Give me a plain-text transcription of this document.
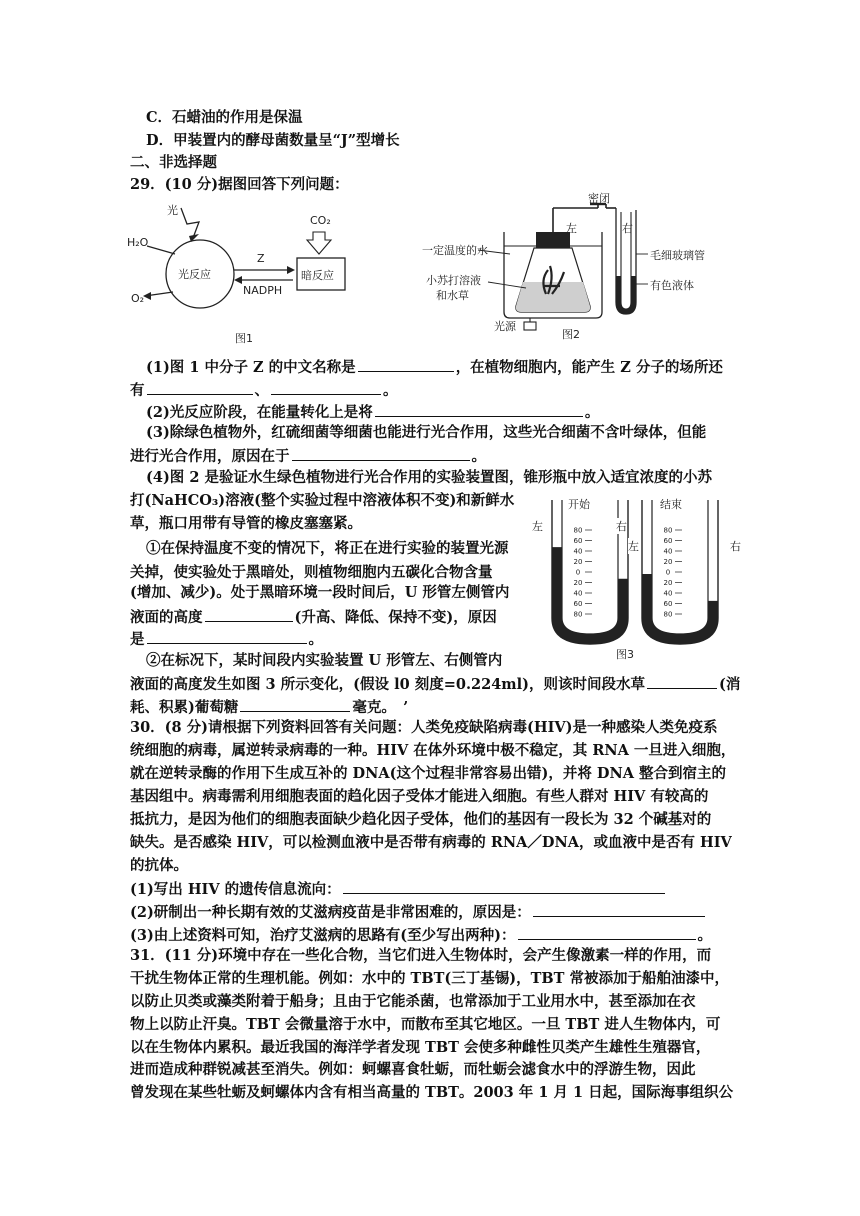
C．石蜡油的作用是保温
D．甲装置内的酵母菌数量呈“J”型增长
二、非选择题
29．(10 分)据图回答下列问题：
光
H₂O
O₂
CO₂
光反应	暗反应
Z
NADPH
图1
密闭
左	右
一定温度的水
小苏打溶液
和水草
毛细玻璃管
有色液体
光源
图2
(1)图 1 中分子 Z 的中文名称是	，在植物细胞内，能产生 Z 分子的场所还
有	、	。
(2)光反应阶段，在能量转化上是将	。
(3)除绿色植物外，红硫细菌等细菌也能进行光合作用，这些光合细菌不含叶绿体，但能
进行光合作用，原因在于	。
(4)图 2 是验证水生绿色植物进行光合作用的实验装置图，锥形瓶中放入适宜浓度的小苏
打(NaHCO₃)溶液(整个实验过程中溶液体积不变)和新鲜水
草，瓶口用带有导管的橡皮塞塞紧。
①在保持温度不变的情况下，将正在进行实验的装置光源
关掉，使实验处于黑暗处，则植物细胞内五碳化合物含量
(增加、减少)。处于黑暗环境一段时间后，U 形管左侧管内
液面的高度	(升高、降低、保持不变)，原因
是	。
②在标况下，某时间段内实验装置 U 形管左、右侧管内
液面的高度发生如图 3 所示变化，(假设 l0 刻度=0.224ml)，则该时间段水草	(消
耗、积累)葡萄糖	毫克。　’
80
60
40
20
0
20
40
60
80
80
60
40
20
0
20
40
60
80
开始	结束
左	右
左	右
图3
30．(8 分)请根据下列资料回答有关问题：人类免疫缺陷病毒(HIV)是一种感染人类免疫系
统细胞的病毒，属逆转录病毒的一种。HIV 在体外环境中极不稳定，其 RNA 一旦进入细胞，
就在逆转录酶的作用下生成互补的 DNA(这个过程非常容易出错)，并将 DNA 整合到宿主的
基因组中。病毒需利用细胞表面的趋化因子受体才能进入细胞。有些人群对 HIV 有较高的
抵抗力，是因为他们的细胞表面缺少趋化因子受体，他们的基因有一段长为 32 个碱基对的
缺失。是否感染 HIV，可以检测血液中是否带有病毒的 RNA／DNA，或血液中是否有 HIV
的抗体。
(1)写出 HIV 的遗传信息流向：
(2)研制出一种长期有效的艾滋病疫苗是非常困难的，原因是：
(3)由上述资料可知，治疗艾滋病的思路有(至少写出两种)：	。
31．(11 分)环境中存在一些化合物，当它们进入生物体时，会产生像激素一样的作用，而
干扰生物体正常的生理机能。例如：水中的 TBT(三丁基锡)，TBT 常被添加于船舶油漆中，
以防止贝类或藻类附着于船身；且由于它能杀菌，也常添加于工业用水中，甚至添加在衣
物上以防止汗臭。TBT 会微量溶于水中，而散布至其它地区。一旦 TBT 进人生物体内，可
以在生物体内累积。最近我国的海洋学者发现 TBT 会使多种雌性贝类产生雄性生殖器官，
进而造成种群锐减甚至消失。例如：蚵螺喜食牡蛎，而牡蛎会滤食水中的浮游生物，因此
曾发现在某些牡蛎及蚵螺体内含有相当高量的 TBT。2003 年 1 月 1 日起，国际海事组织公
